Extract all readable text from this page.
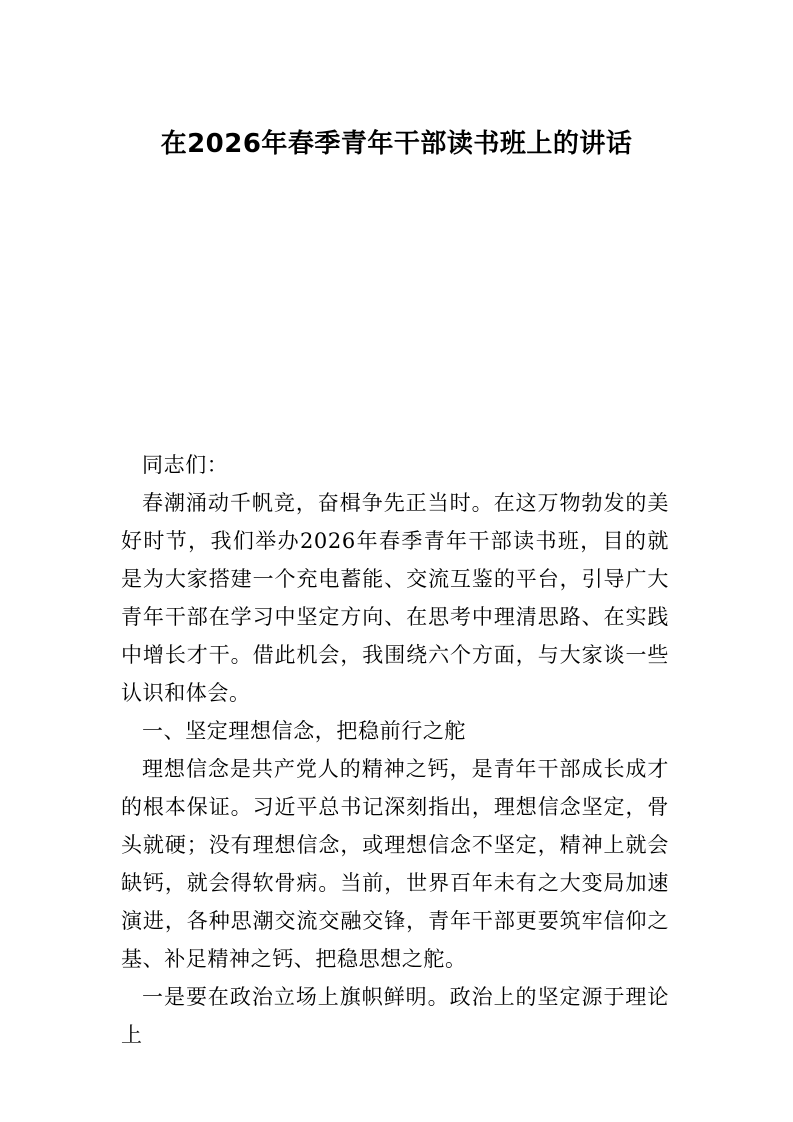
在2026年春季青年干部读书班上的讲话

同志们：

春潮涌动千帆竞，奋楫争先正当时。在这万物勃发的美好时节，我们举办2026年春季青年干部读书班，目的就是为大家搭建一个充电蓄能、交流互鉴的平台，引导广大青年干部在学习中坚定方向、在思考中理清思路、在实践中增长才干。借此机会，我围绕六个方面，与大家谈一些认识和体会。

一、坚定理想信念，把稳前行之舵

理想信念是共产党人的精神之钙，是青年干部成长成才的根本保证。习近平总书记深刻指出，理想信念坚定，骨头就硬；没有理想信念，或理想信念不坚定，精神上就会缺钙，就会得软骨病。当前，世界百年未有之大变局加速演进，各种思潮交流交融交锋，青年干部更要筑牢信仰之基、补足精神之钙、把稳思想之舵。

一是要在政治立场上旗帜鲜明。政治上的坚定源于理论上
